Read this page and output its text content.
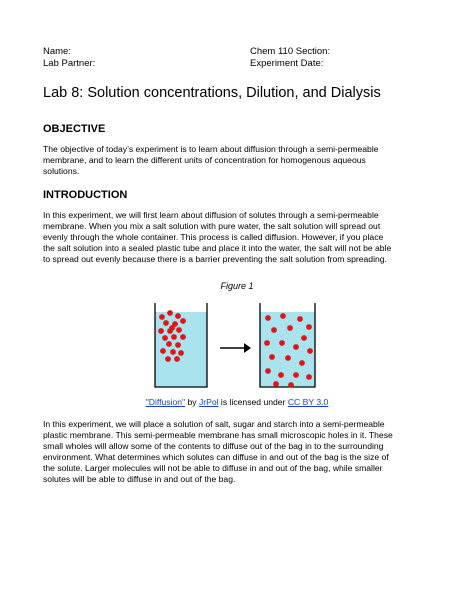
Name:
Lab Partner:
Chem 110 Section:
Experiment Date:
Lab 8: Solution concentrations, Dilution, and Dialysis
OBJECTIVE
The objective of today’s experiment is to learn about diffusion through a semi-permeable
membrane, and to learn the different units of concentration for homogenous aqueous
solutions.
INTRODUCTION
In this experiment, we will first learn about diffusion of solutes through a semi-permeable
membrane. When you mix a salt solution with pure water, the salt solution will spread out
evenly through the whole container. This process is called diffusion. However, if you place
the salt solution into a sealed plastic tube and place it into the water, the salt will not be able
to spread out evenly because there is a barrier preventing the salt solution from spreading.
Figure 1
"Diffusion" by JrPol is licensed under CC BY 3.0
In this experiment, we will place a solution of salt, sugar and starch into a semi-permeable
plastic membrane. This semi-permeable membrane has small microscopic holes in it. These
small wholes will allow some of the contents to diffuse out of the bag in to the surrounding
environment. What determines which solutes can diffuse in and out of the bag is the size of
the solute. Larger molecules will not be able to diffuse in and out of the bag, while smaller
solutes will be able to diffuse in and out of the bag.
